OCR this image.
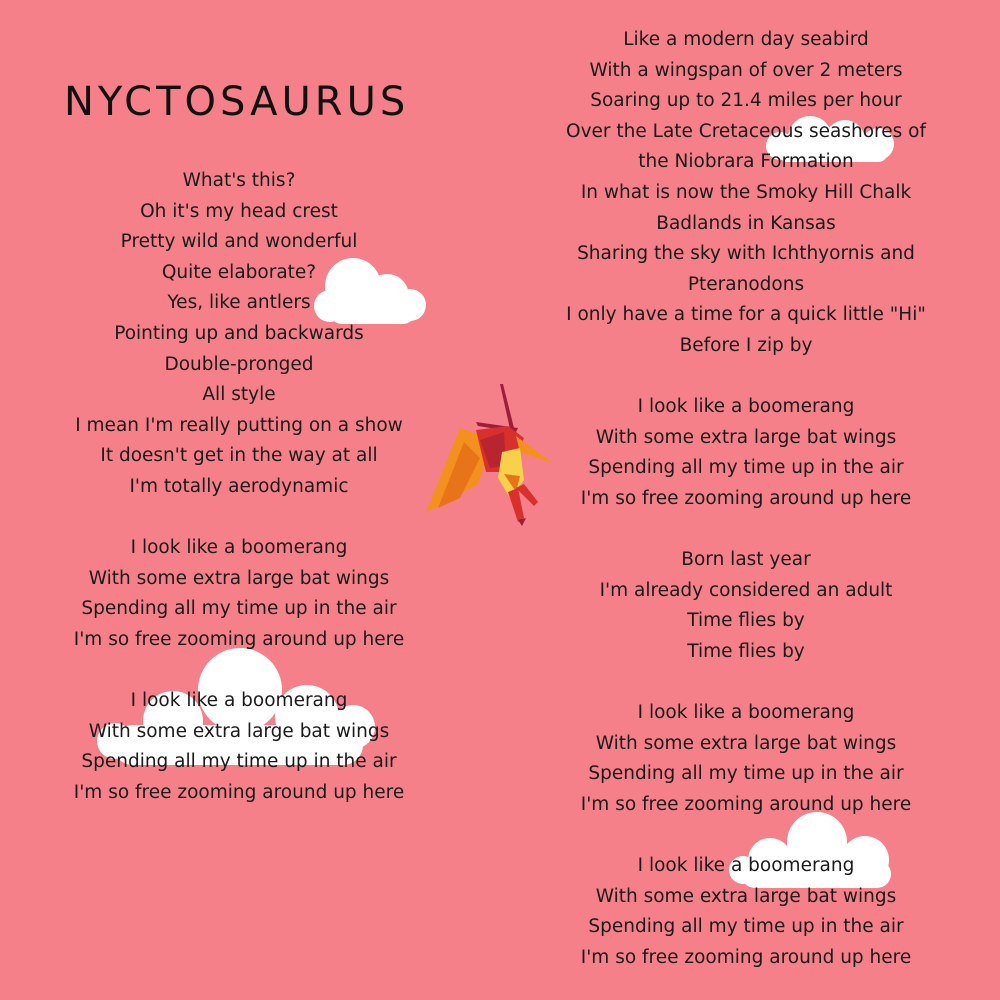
NYCTOSAURUS
What's this?
Oh it's my head crest
Pretty wild and wonderful
Quite elaborate?
Yes, like antlers
Pointing up and backwards
Double-pronged
All style
I mean I'm really putting on a show
It doesn't get in the way at all
I'm totally aerodynamic
I look like a boomerang
With some extra large bat wings
Spending all my time up in the air
I'm so free zooming around up here
I look like a boomerang
With some extra large bat wings
Spending all my time up in the air
I'm so free zooming around up here
Like a modern day seabird
With a wingspan of over 2 meters
Soaring up to 21.4 miles per hour
Over the Late Cretaceous seashores of
the Niobrara Formation
In what is now the Smoky Hill Chalk
Badlands in Kansas
Sharing the sky with Ichthyornis and
Pteranodons
I only have a time for a quick little "Hi"
Before I zip by
I look like a boomerang
With some extra large bat wings
Spending all my time up in the air
I'm so free zooming around up here
Born last year
I'm already considered an adult
Time flies by
Time flies by
I look like a boomerang
With some extra large bat wings
Spending all my time up in the air
I'm so free zooming around up here
I look like a boomerang
With some extra large bat wings
Spending all my time up in the air
I'm so free zooming around up here
